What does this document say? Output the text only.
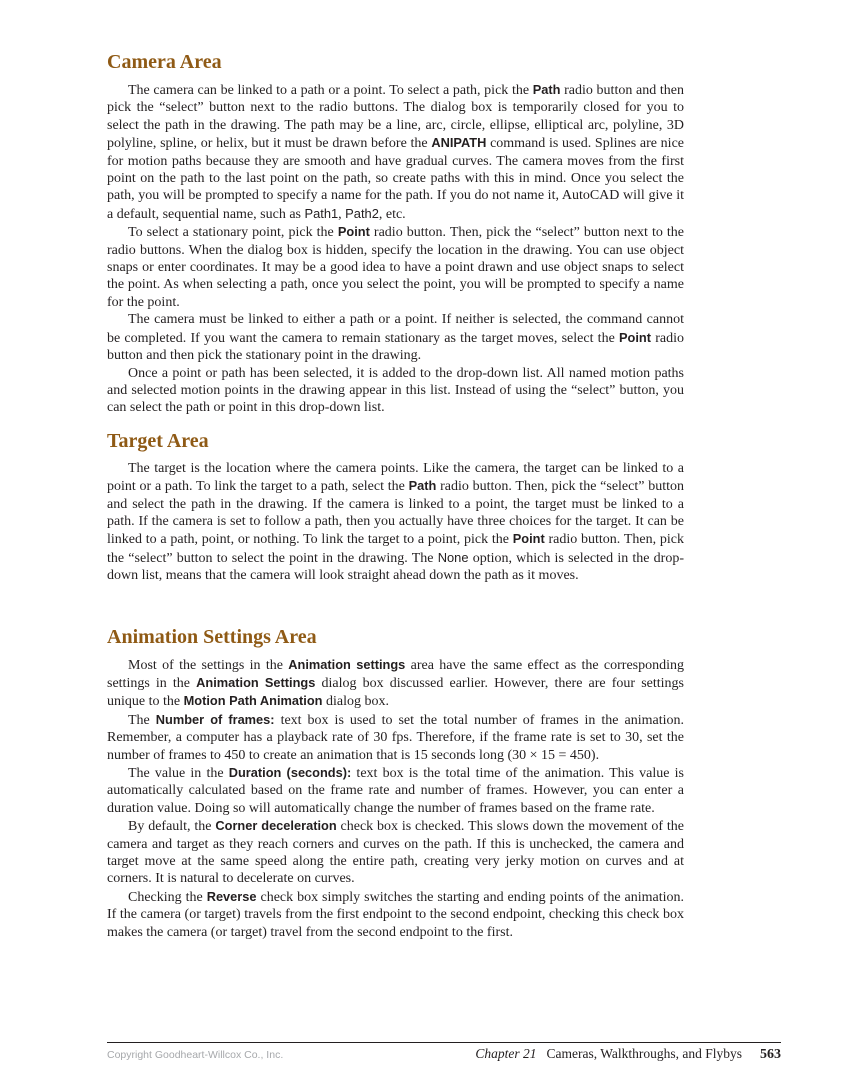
Camera Area

The camera can be linked to a path or a point. To select a path, pick the Path radio button and then pick the “select” button next to the radio buttons. The dialog box is temporarily closed for you to select the path in the drawing. The path may be a line, arc, circle, ellipse, elliptical arc, polyline, 3D polyline, spline, or helix, but it must be drawn before the ANIPATH command is used. Splines are nice for motion paths because they are smooth and have gradual curves. The camera moves from the first point on the path to the last point on the path, so create paths with this in mind. Once you select the path, you will be prompted to specify a name for the path. If you do not name it, AutoCAD will give it a default, sequential name, such as Path1, Path2, etc.

To select a stationary point, pick the Point radio button. Then, pick the “select” button next to the radio buttons. When the dialog box is hidden, specify the location in the drawing. You can use object snaps or enter coordinates. It may be a good idea to have a point drawn and use object snaps to select the point. As when selecting a path, once you select the point, you will be prompted to specify a name for the point.

The camera must be linked to either a path or a point. If neither is selected, the command cannot be completed. If you want the camera to remain stationary as the target moves, select the Point radio button and then pick the stationary point in the drawing.

Once a point or path has been selected, it is added to the drop-down list. All named motion paths and selected motion points in the drawing appear in this list. Instead of using the “select” button, you can select the path or point in this drop-down list.

Target Area

The target is the location where the camera points. Like the camera, the target can be linked to a point or a path. To link the target to a path, select the Path radio button. Then, pick the “select” button and select the path in the drawing. If the camera is linked to a point, the target must be linked to a path. If the camera is set to follow a path, then you actually have three choices for the target. It can be linked to a path, point, or nothing. To link the target to a point, pick the Point radio button. Then, pick the “select” button to select the point in the drawing. The None option, which is selected in the drop-down list, means that the camera will look straight ahead down the path as it moves.

Animation Settings Area

Most of the settings in the Animation settings area have the same effect as the corresponding settings in the Animation Settings dialog box discussed earlier. However, there are four settings unique to the Motion Path Animation dialog box.

The Number of frames: text box is used to set the total number of frames in the animation. Remember, a computer has a playback rate of 30 fps. Therefore, if the frame rate is set to 30, set the number of frames to 450 to create an animation that is 15 seconds long (30 × 15 = 450).

The value in the Duration (seconds): text box is the total time of the animation. This value is automatically calculated based on the frame rate and number of frames. However, you can enter a duration value. Doing so will automatically change the number of frames based on the frame rate.

By default, the Corner deceleration check box is checked. This slows down the movement of the camera and target as they reach corners and curves on the path. If this is unchecked, the camera and target move at the same speed along the entire path, creating very jerky motion on curves and at corners. It is natural to decelerate on curves.

Checking the Reverse check box simply switches the starting and ending points of the animation. If the camera (or target) travels from the first endpoint to the second endpoint, checking this check box makes the camera (or target) travel from the second endpoint to the first.

Copyright Goodheart-Willcox Co., Inc.	Chapter 21 Cameras, Walkthroughs, and Flybys 563
